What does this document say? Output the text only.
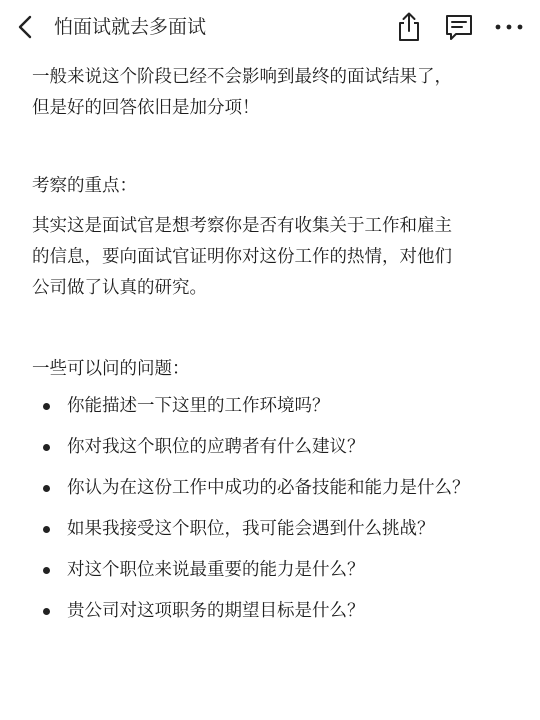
怕面试就去多面试

一般来说这个阶段已经不会影响到最终的面试结果了，
但是好的回答依旧是加分项！

考察的重点：

其实这是面试官是想考察你是否有收集关于工作和雇主
的信息，要向面试官证明你对这份工作的热情，对他们
公司做了认真的研究。

一些可以问的问题：

你能描述一下这里的工作环境吗？
你对我这个职位的应聘者有什么建议？
你认为在这份工作中成功的必备技能和能力是什么？
如果我接受这个职位，我可能会遇到什么挑战？
对这个职位来说最重要的能力是什么？
贵公司对这项职务的期望目标是什么？
